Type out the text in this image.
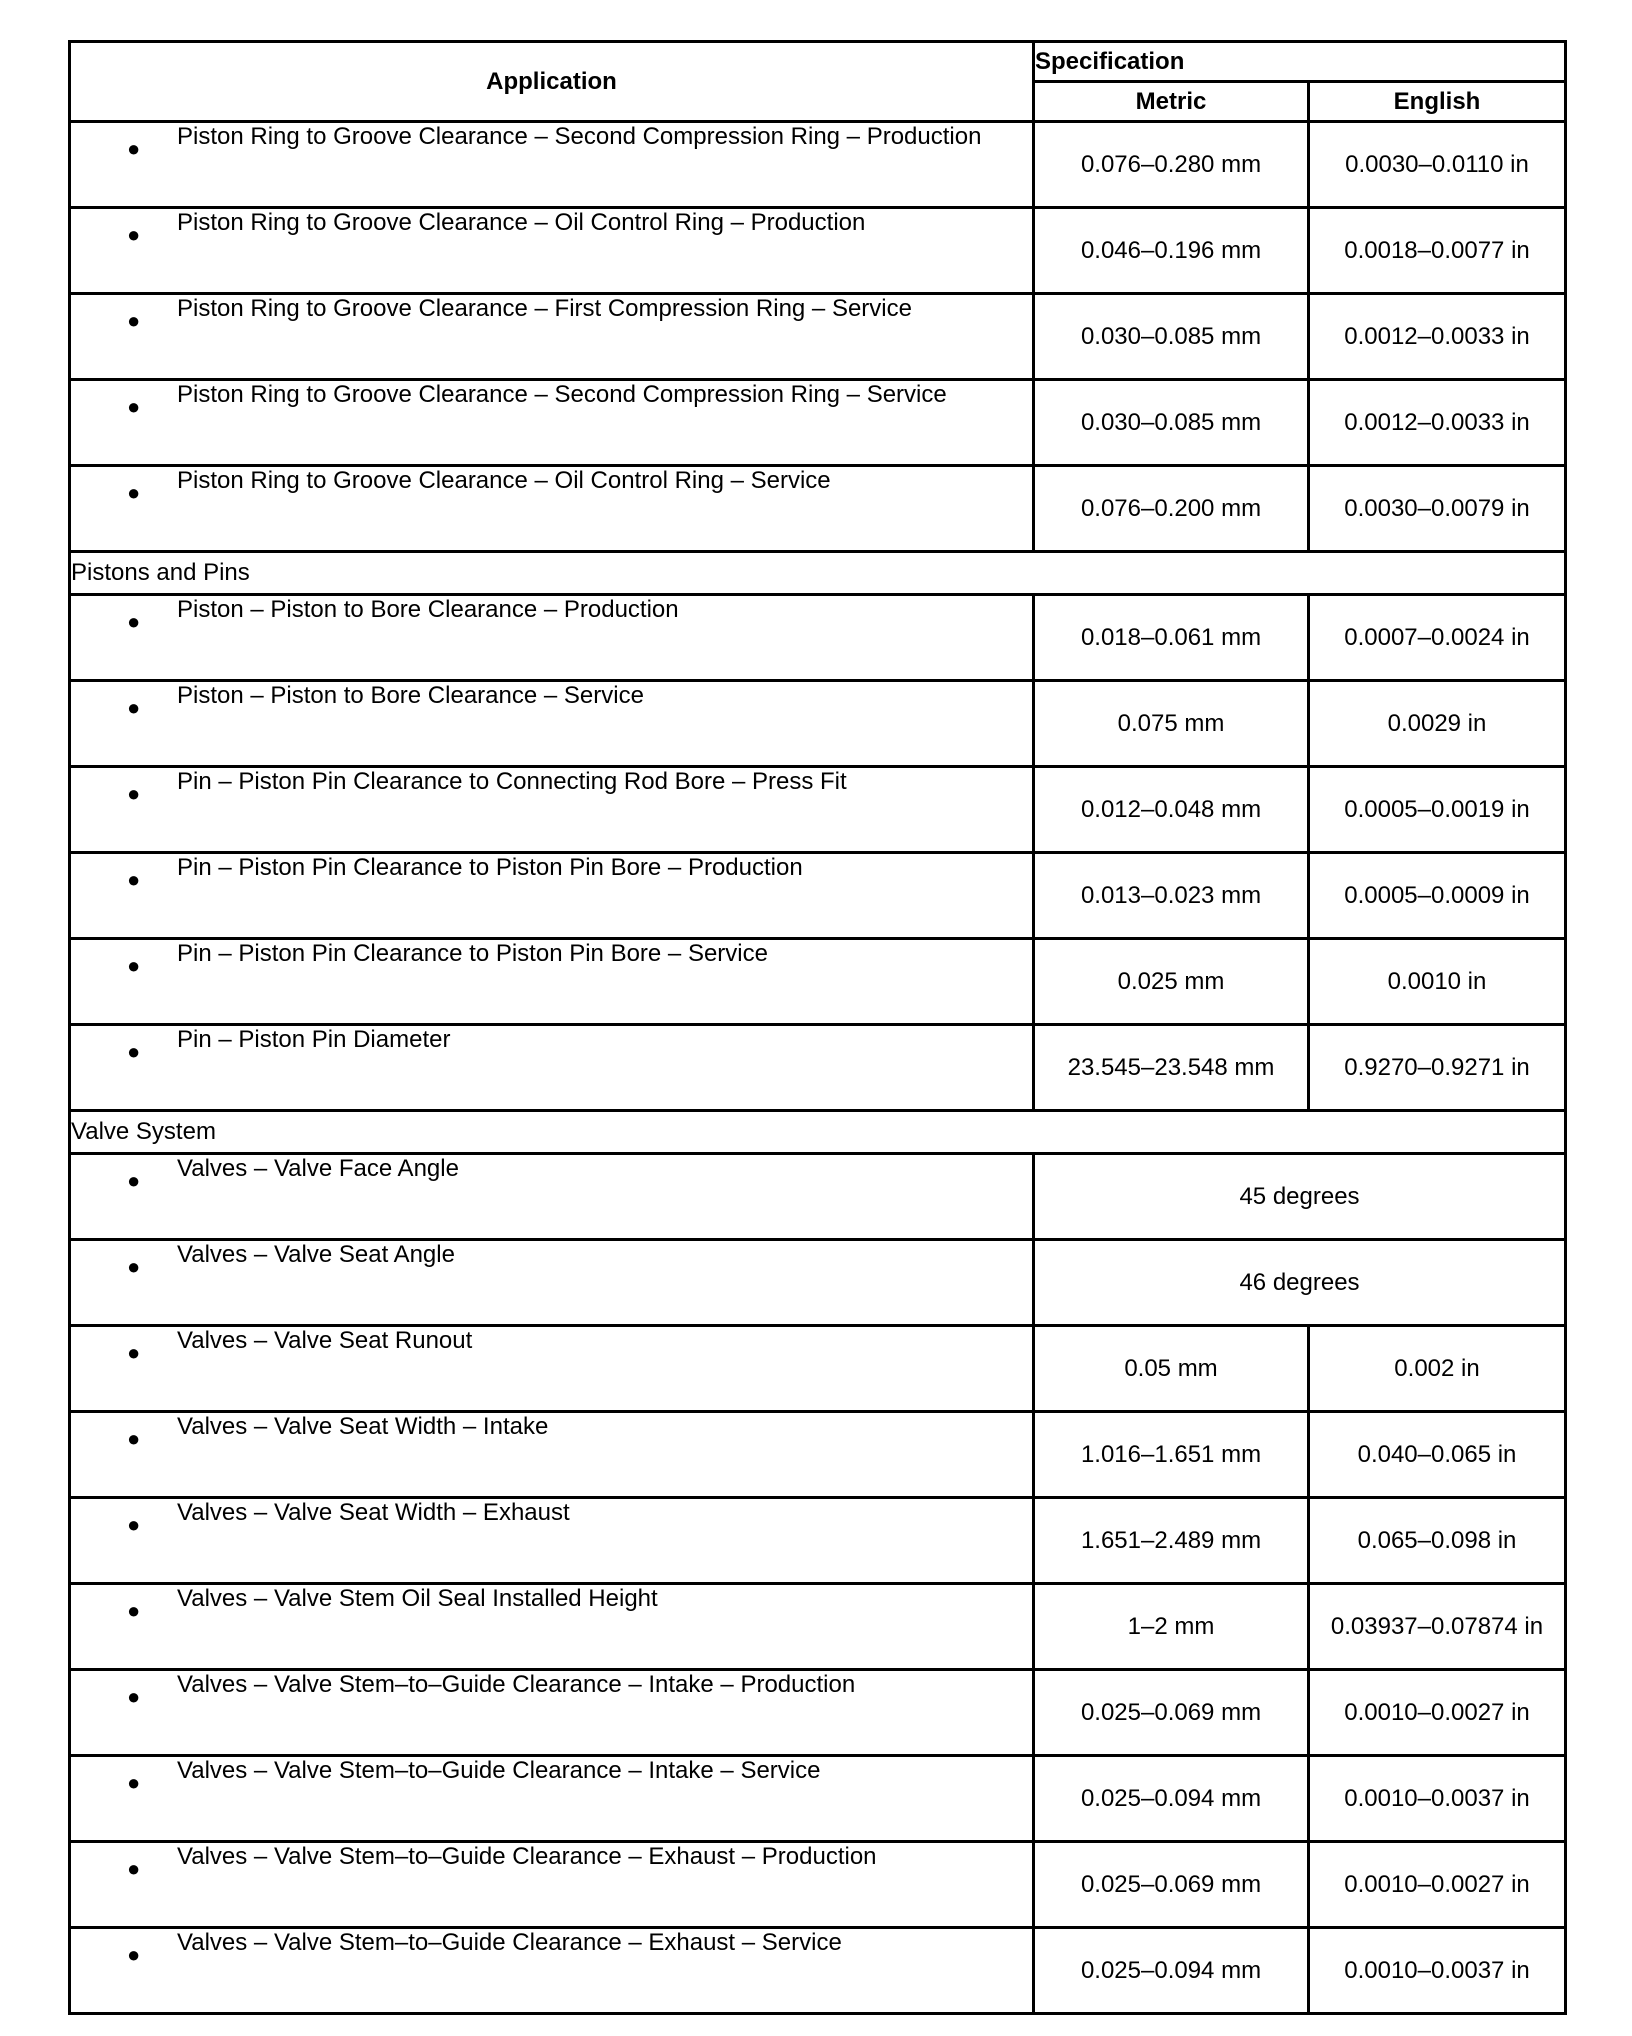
Application	Specification	
	Metric	English

● Piston Ring to Groove Clearance – Second Compression Ring – Production	0.076–0.280 mm	0.0030–0.0110 in

● Piston Ring to Groove Clearance – Oil Control Ring – Production	0.046–0.196 mm	0.0018–0.0077 in

● Piston Ring to Groove Clearance – First Compression Ring – Service	0.030–0.085 mm	0.0012–0.0033 in

● Piston Ring to Groove Clearance – Second Compression Ring – Service	0.030–0.085 mm	0.0012–0.0033 in

● Piston Ring to Groove Clearance – Oil Control Ring – Service	0.076–0.200 mm	0.0030–0.0079 in
Pistons and Pins		

● Piston – Piston to Bore Clearance – Production	0.018–0.061 mm	0.0007–0.0024 in

● Piston – Piston to Bore Clearance – Service	0.075 mm	0.0029 in

● Pin – Piston Pin Clearance to Connecting Rod Bore – Press Fit	0.012–0.048 mm	0.0005–0.0019 in

● Pin – Piston Pin Clearance to Piston Pin Bore – Production	0.013–0.023 mm	0.0005–0.0009 in

● Pin – Piston Pin Clearance to Piston Pin Bore – Service	0.025 mm	0.0010 in

● Pin – Piston Pin Diameter	23.545–23.548 mm	0.9270–0.9271 in
Valve System		

● Valves – Valve Face Angle	45 degrees	

● Valves – Valve Seat Angle	46 degrees	

● Valves – Valve Seat Runout	0.05 mm	0.002 in

● Valves – Valve Seat Width – Intake	1.016–1.651 mm	0.040–0.065 in

● Valves – Valve Seat Width – Exhaust	1.651–2.489 mm	0.065–0.098 in

● Valves – Valve Stem Oil Seal Installed Height	1–2 mm	0.03937–0.07874 in

● Valves – Valve Stem–to–Guide Clearance – Intake – Production	0.025–0.069 mm	0.0010–0.0027 in

● Valves – Valve Stem–to–Guide Clearance – Intake – Service	0.025–0.094 mm	0.0010–0.0037 in

● Valves – Valve Stem–to–Guide Clearance – Exhaust – Production	0.025–0.069 mm	0.0010–0.0027 in

● Valves – Valve Stem–to–Guide Clearance – Exhaust – Service	0.025–0.094 mm	0.0010–0.0037 in
